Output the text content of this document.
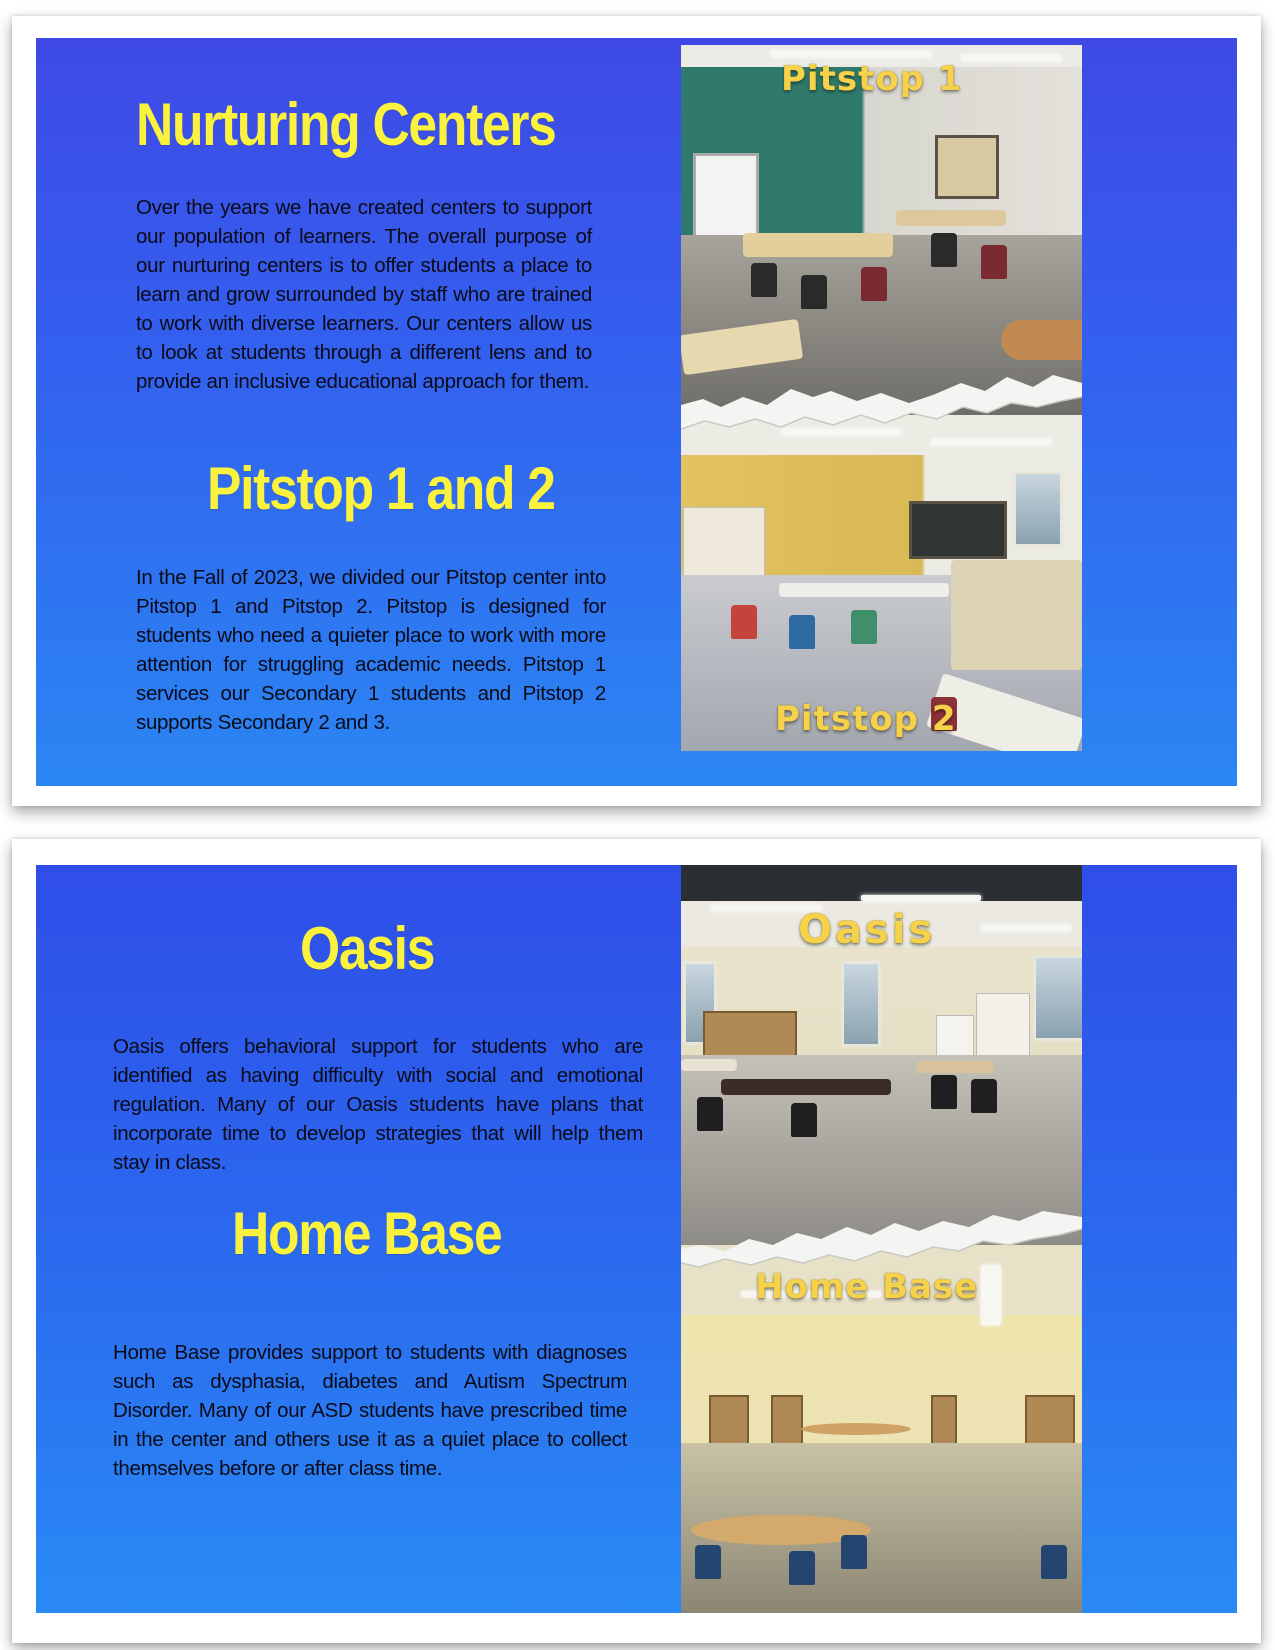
Nurturing Centers

Over the years we have created centers to support our population of learners. The overall purpose of our nurturing centers is to offer students a place to learn and grow surrounded by staff who are trained to work with diverse learners. Our centers allow us to look at students through a different lens and to provide an inclusive educational approach for them.

Pitstop 1 and 2

In the Fall of 2023, we divided our Pitstop center into Pitstop 1 and Pitstop 2. Pitstop is designed for students who need a quieter place to work with more attention for struggling academic needs. Pitstop 1 services our Secondary 1 students and Pitstop 2 supports Secondary 2 and 3.

Pitstop 1

Pitstop 2

Oasis

Oasis offers behavioral support for students who are identified as having difficulty with social and emotional regulation. Many of our Oasis students have plans that incorporate time to develop strategies that will help them stay in class.

Home Base

Home Base provides support to students with diagnoses such as dysphasia, diabetes and Autism Spectrum Disorder. Many of our ASD students have prescribed time in the center and others use it as a quiet place to collect themselves before or after class time.

Oasis

Home Base
